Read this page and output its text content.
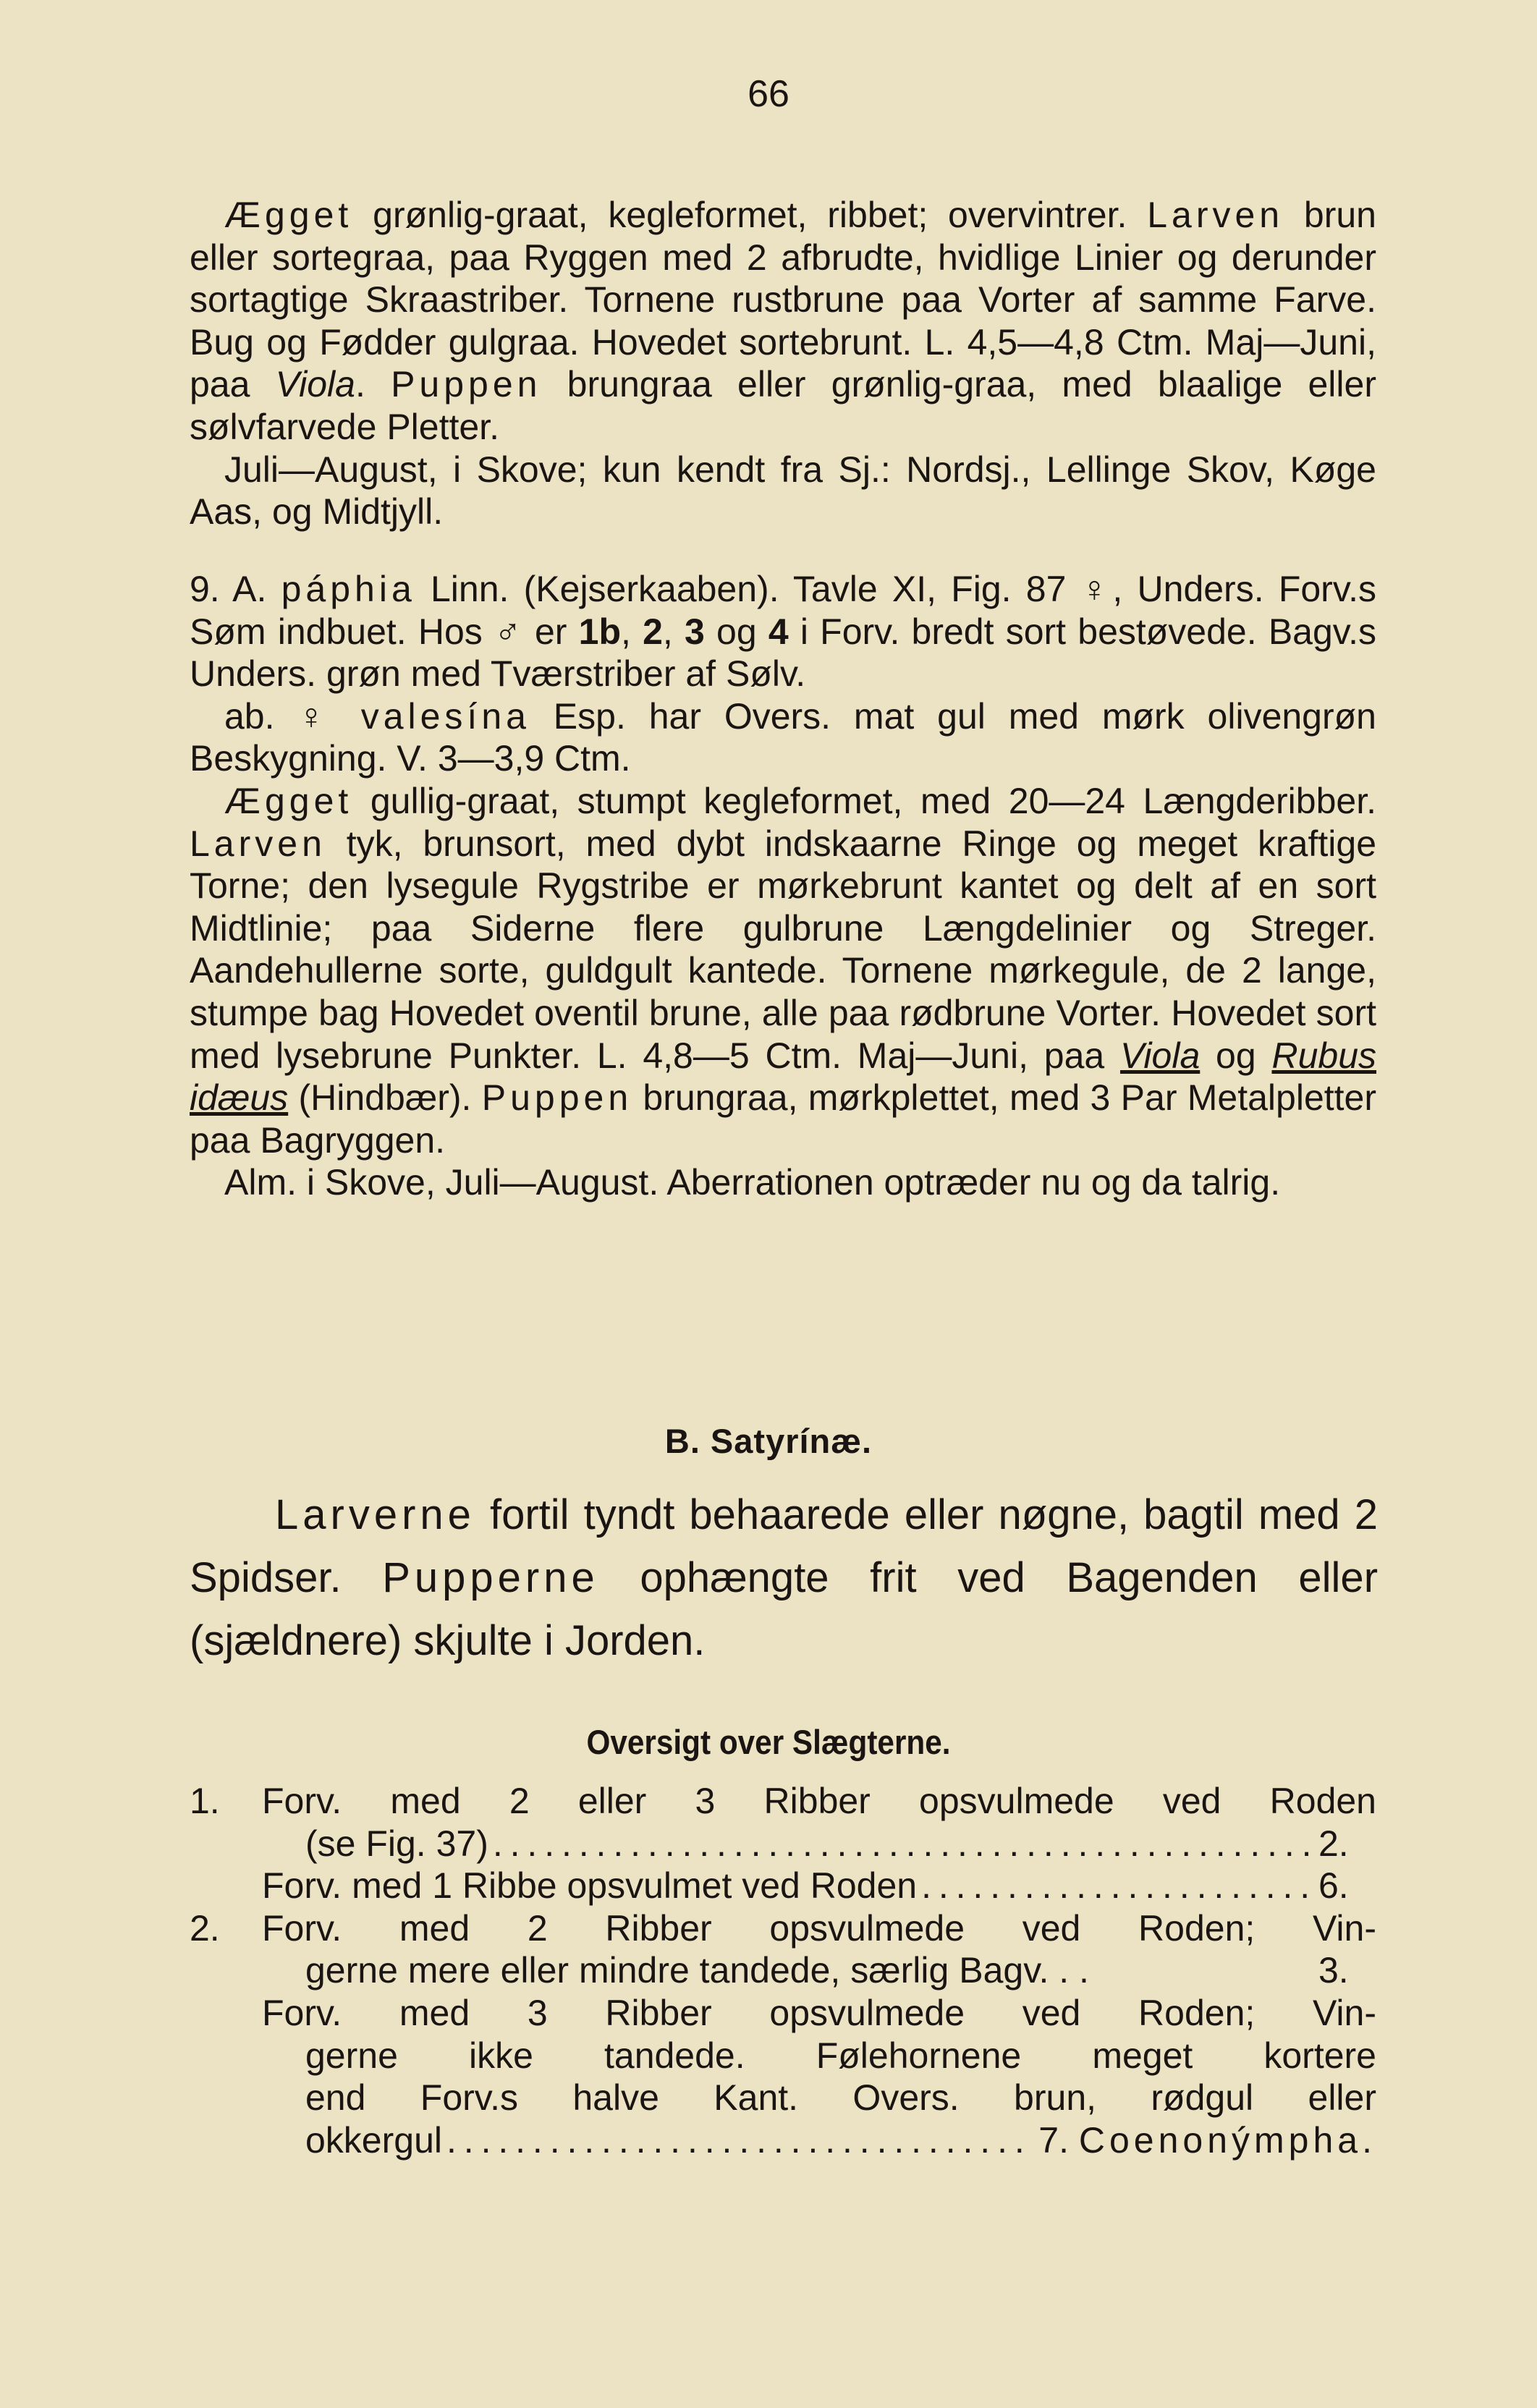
66

Ægget grønlig-graat, kegleformet, ribbet; overvintrer. Larven brun eller sortegraa, paa Ryggen med 2 afbrudte, hvidlige Linier og derunder sortagtige Skraastriber. Tornene rustbrune paa Vorter af samme Farve. Bug og Fødder gulgraa. Hovedet sortebrunt. L. 4,5—4,8 Ctm. Maj—Juni, paa Viola. Puppen brungraa eller grønlig-graa, med blaalige eller sølvfarvede Pletter.

Juli—August, i Skove; kun kendt fra Sj.: Nordsj., Lellinge Skov, Køge Aas, og Midtjyll.

9. A. páphia Linn. (Kejserkaaben). Tavle XI, Fig. 87 ♀, Unders. Forv.s Søm indbuet. Hos ♂ er 1b, 2, 3 og 4 i Forv. bredt sort bestøvede. Bagv.s Unders. grøn med Tværstriber af Sølv.

ab. ♀ valesína Esp. har Overs. mat gul med mørk olivengrøn Beskygning. V. 3—3,9 Ctm.

Ægget gullig-graat, stumpt kegleformet, med 20—24 Længderibber. Larven tyk, brunsort, med dybt indskaarne Ringe og meget kraftige Torne; den lysegule Rygstribe er mørkebrunt kantet og delt af en sort Midtlinie; paa Siderne flere gulbrune Længdelinier og Streger. Aandehullerne sorte, guldgult kantede. Tornene mørkegule, de 2 lange, stumpe bag Hovedet oventil brune, alle paa rødbrune Vorter. Hovedet sort med lysebrune Punkter. L. 4,8—5 Ctm. Maj—Juni, paa Viola og Rubus idæus (Hindbær). Puppen brungraa, mørkplettet, med 3 Par Metalpletter paa Bagryggen.

Alm. i Skove, Juli—August. Aberrationen optræder nu og da talrig.

B. Satyrínæ.

Larverne fortil tyndt behaarede eller nøgne, bagtil med 2 Spidser. Pupperne ophængte frit ved Bagenden eller (sjældnere) skjulte i Jorden.

Oversigt over Slægterne.
1.	Forv. med 2 eller 3 Ribber opsvulmede ved Roden
(se Fig. 37) . . .	2.
Forv. med 1 Ribbe opsvulmet ved Roden . . .	6.
2.	Forv. med 2 Ribber opsvulmede ved Roden; Vin-
gerne mere eller mindre tandede, særlig Bagv. . .	3.
Forv. med 3 Ribber opsvulmede ved Roden; Vin-
gerne ikke tandede. Følehornene meget kortere
end Forv.s halve Kant. Overs. brun, rødgul eller
okkergul . . .	7. Coenonýmpha.
